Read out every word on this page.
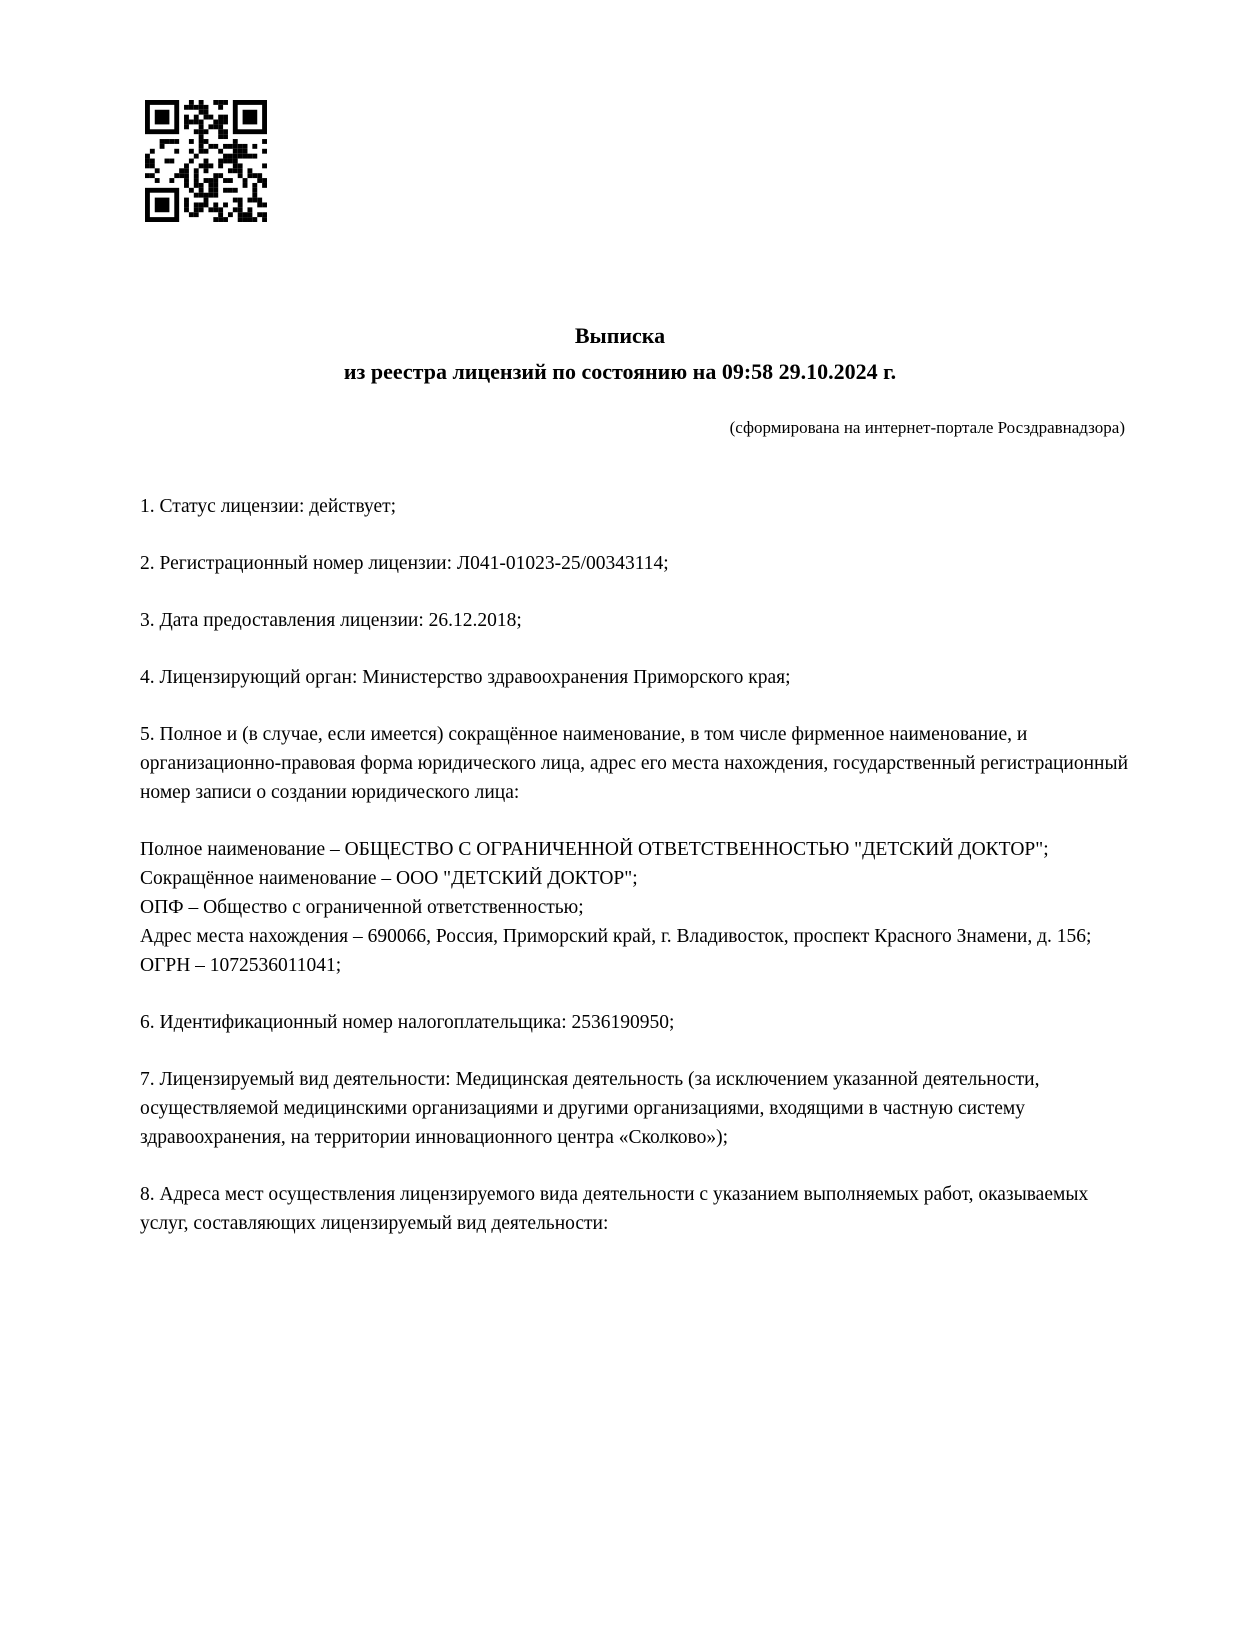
Выписка
из реестра лицензий по состоянию на 09:58 29.10.2024 г.
(сформирована на интернет-портале Росздравнадзора)

1. Статус лицензии: действует;

2. Регистрационный номер лицензии: Л041-01023-25/00343114;

3. Дата предоставления лицензии: 26.12.2018;

4. Лицензирующий орган: Министерство здравоохранения Приморского края;

5. Полное и (в случае, если имеется) сокращённое наименование, в том числе фирменное наименование, и организационно-правовая форма юридического лица, адрес его места нахождения, государственный регистрационный номер записи о создании юридического лица:

Полное наименование – ОБЩЕСТВО С ОГРАНИЧЕННОЙ ОТВЕТСТВЕННОСТЬЮ "ДЕТСКИЙ ДОКТОР";

Сокращённое наименование – ООО "ДЕТСКИЙ ДОКТОР";

ОПФ – Общество с ограниченной ответственностью;

Адрес места нахождения – 690066, Россия, Приморский край, г. Владивосток, проспект Красного Знамени, д. 156;

ОГРН – 1072536011041;

6. Идентификационный номер налогоплательщика: 2536190950;

7. Лицензируемый вид деятельности: Медицинская деятельность (за исключением указанной деятельности, осуществляемой медицинскими организациями и другими организациями, входящими в частную систему здравоохранения, на территории инновационного центра «Сколково»);

8. Адреса мест осуществления лицензируемого вида деятельности с указанием выполняемых работ, оказываемых услуг, составляющих лицензируемый вид деятельности:
